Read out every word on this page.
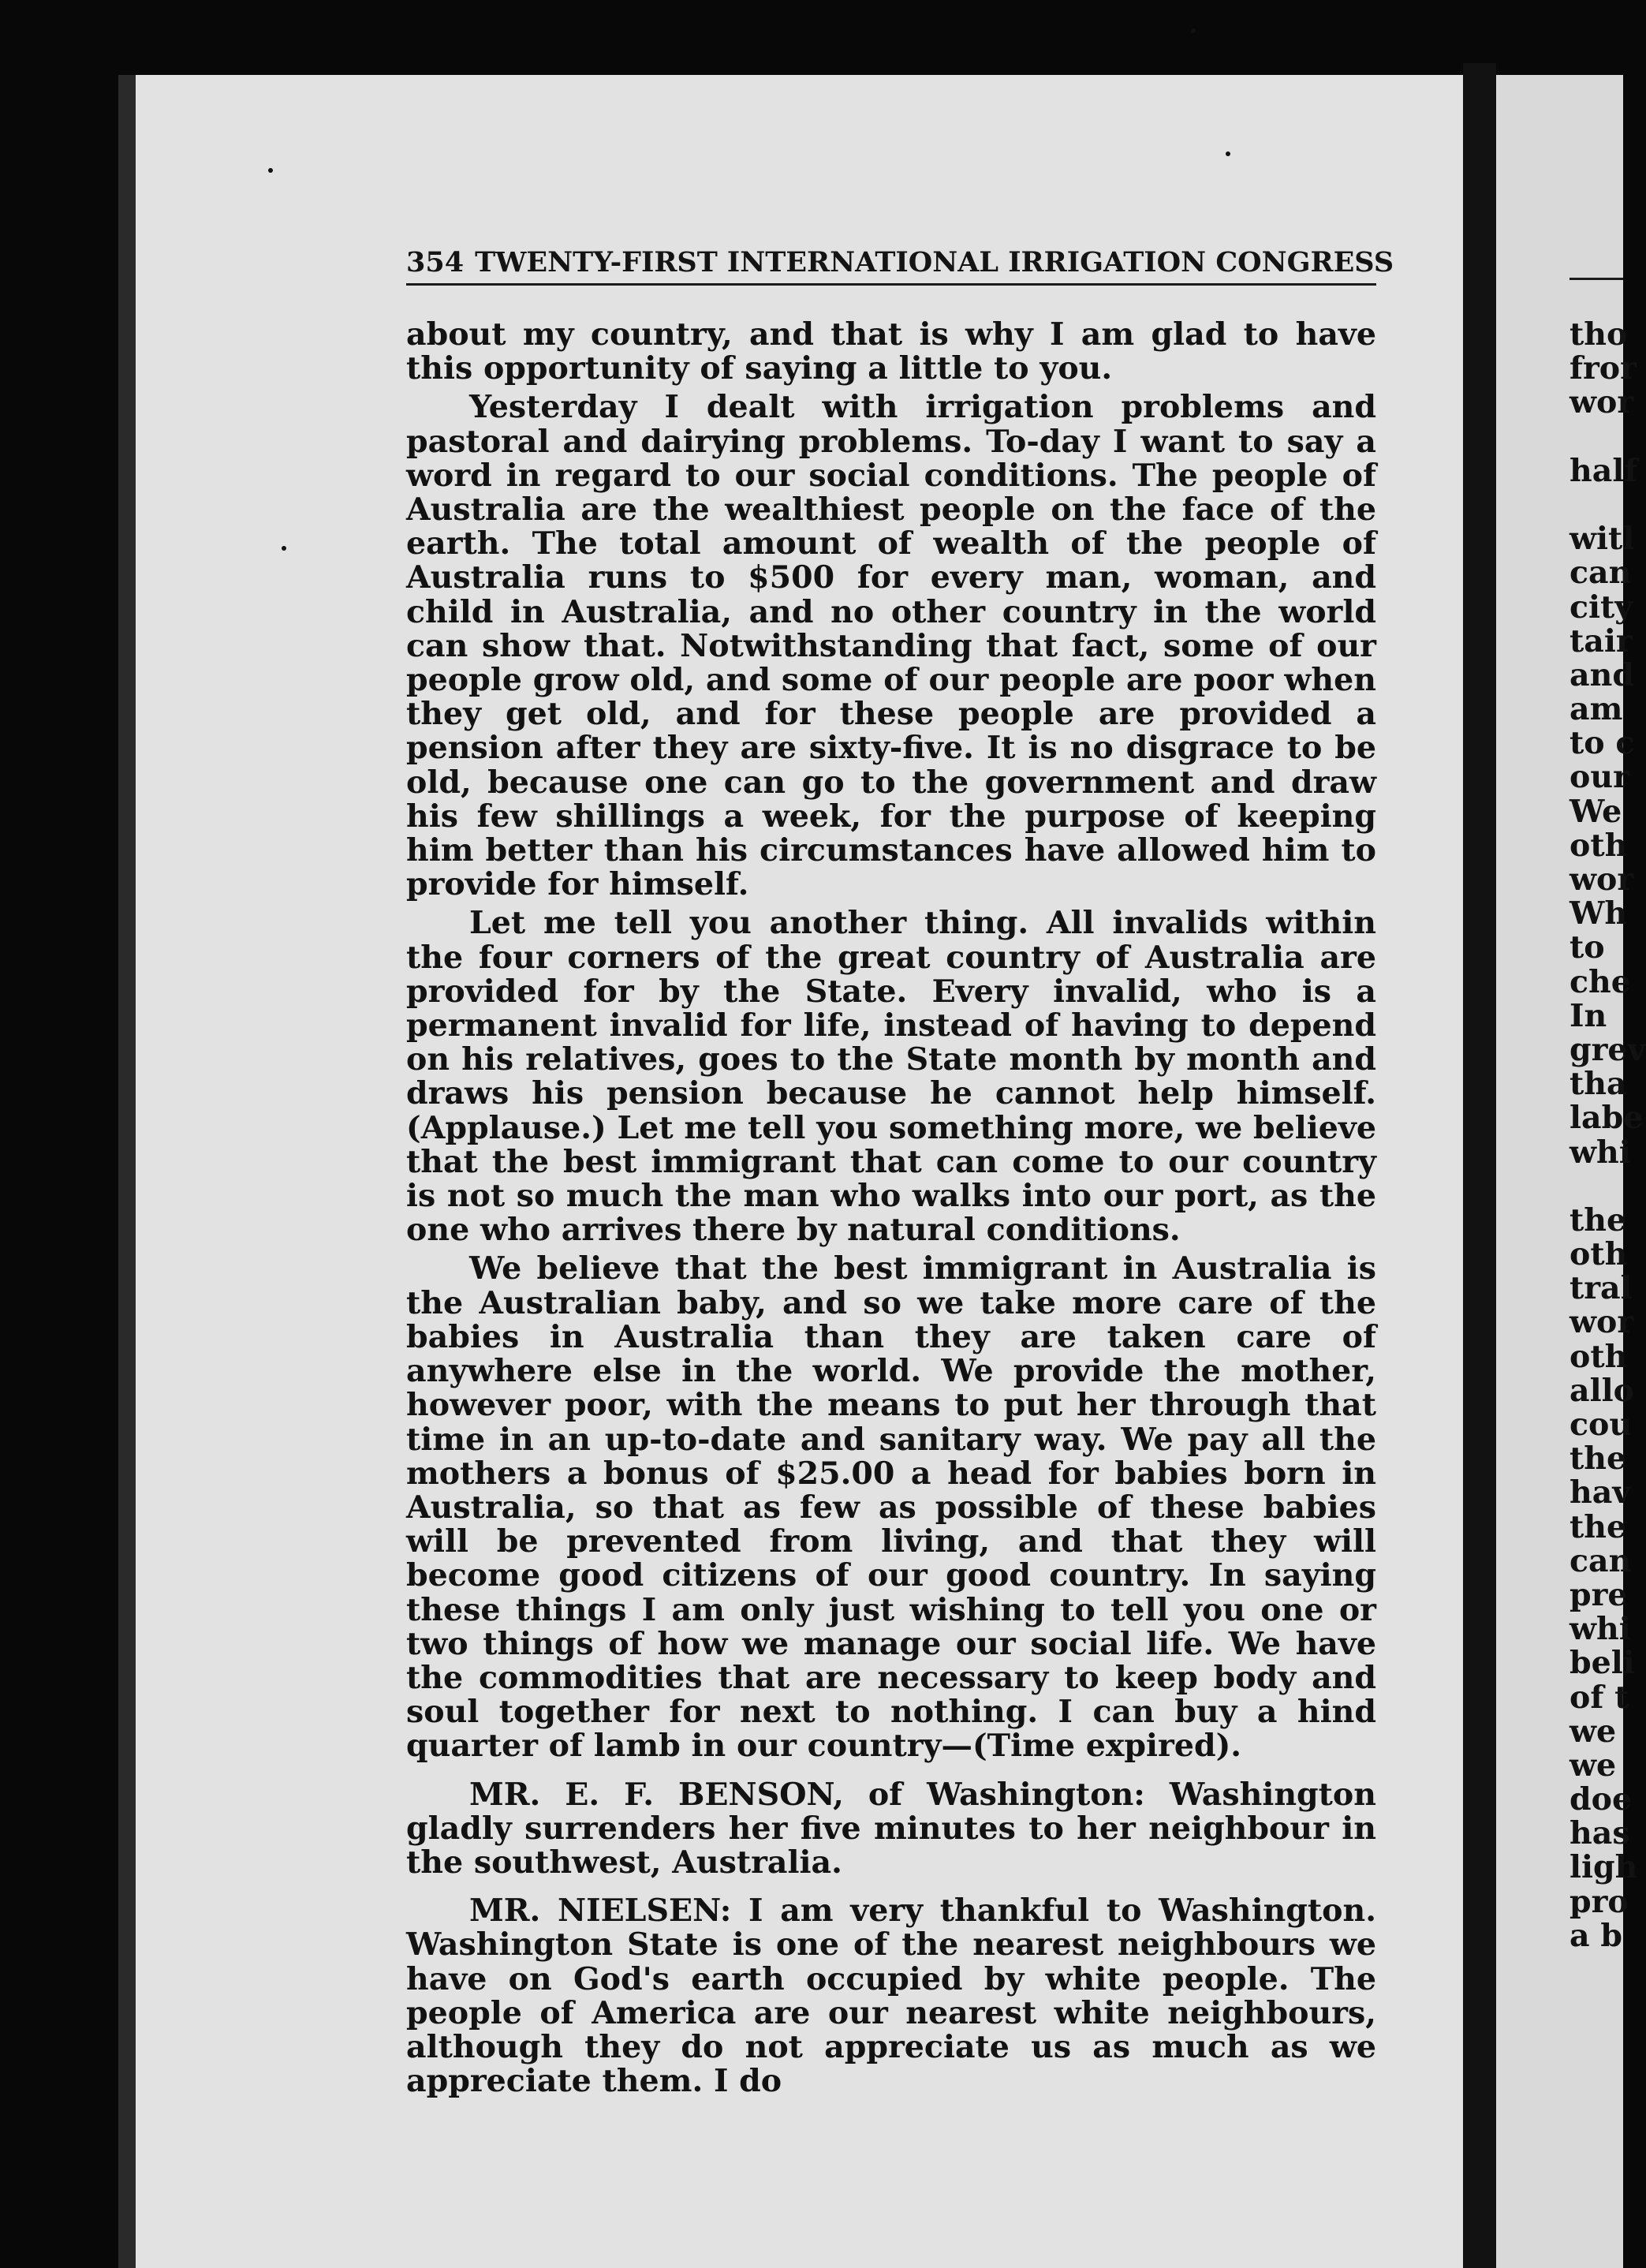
354 TWENTY-FIRST INTERNATIONAL IRRIGATION CONGRESS

about my country, and that is why I am glad to have this opportunity of saying a little to you.

Yesterday I dealt with irrigation problems and pastoral and dairying problems. To-day I want to say a word in regard to our social conditions. The people of Australia are the wealthiest people on the face of the earth. The total amount of wealth of the people of Australia runs to $500 for every man, woman, and child in Australia, and no other country in the world can show that. Notwithstanding that fact, some of our people grow old, and some of our people are poor when they get old, and for these people are provided a pension after they are sixty-five. It is no disgrace to be old, because one can go to the government and draw his few shillings a week, for the purpose of keeping him better than his circumstances have allowed him to provide for himself.

Let me tell you another thing. All invalids within the four corners of the great country of Australia are provided for by the State. Every invalid, who is a permanent invalid for life, instead of having to depend on his relatives, goes to the State month by month and draws his pension because he cannot help himself. (Applause.) Let me tell you something more, we believe that the best immigrant that can come to our country is not so much the man who walks into our port, as the one who arrives there by natural conditions.

We believe that the best immigrant in Australia is the Australian baby, and so we take more care of the babies in Australia than they are taken care of anywhere else in the world. We provide the mother, however poor, with the means to put her through that time in an up-to-date and sanitary way. We pay all the mothers a bonus of $25.00 a head for babies born in Australia, so that as few as possible of these babies will be prevented from living, and that they will become good citizens of our good country. In saying these things I am only just wishing to tell you one or two things of how we manage our social life. We have the commodities that are necessary to keep body and soul together for next to nothing. I can buy a hind quarter of lamb in our country—(Time expired).

MR. E. F. BENSON, of Washington: Washington gladly surrenders her five minutes to her neighbour in the southwest, Australia.

MR. NIELSEN: I am very thankful to Washington. Washington State is one of the nearest neighbours we have on God's earth occupied by white people. The people of America are our nearest white neighbours, although they do not appreciate us as much as we appreciate them. I do

tho
fror
wor
half
witl
can
city
tair
and
am
to c
our
We
oth
wor
Wh
to
che
In
grev
tha
labe
whi
the
oth
tral
wor
oth
allo
cou
the
hav
the
can
pre
whi
beli
of t
we
we
doe
has
ligh
pro
a b
